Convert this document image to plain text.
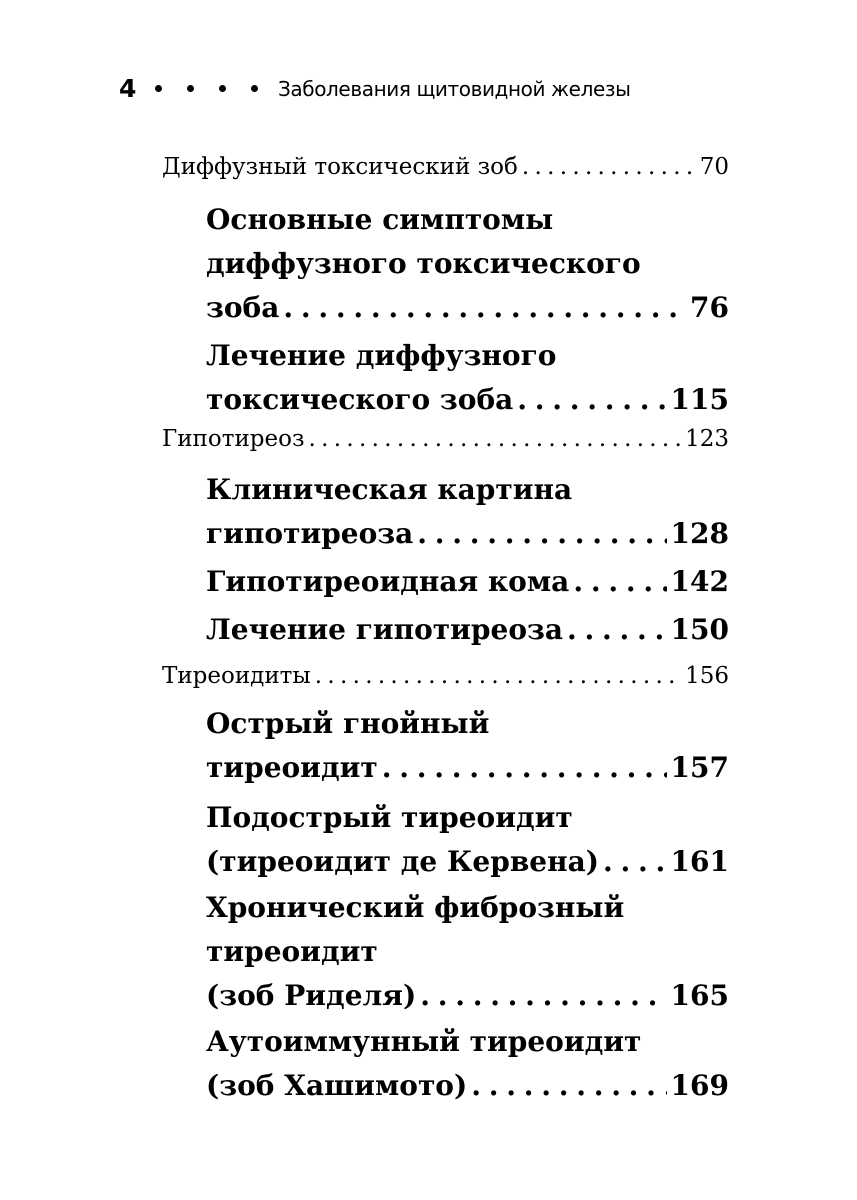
4	Заболевания щитовидной железы
Диффузный токсический зоб . . .	70
Основные симптомы
диффузного токсического
зоба . . .	76
Лечение диффузного
токсического зоба . . .	115
Гипотиреоз . . .	123
Клиническая картина
гипотиреоза . . .	128
Гипотиреоидная кома . . .	142
Лечение гипотиреоза . . .	150
Тиреоидиты . . .	156
Острый гнойный
тиреоидит . . .	157
Подострый тиреоидит
(тиреоидит де Кервена) . . .	161
Хронический фиброзный
тиреоидит
(зоб Риделя) . . .	165
Аутоиммунный тиреоидит
(зоб Хашимото) . . .	169
